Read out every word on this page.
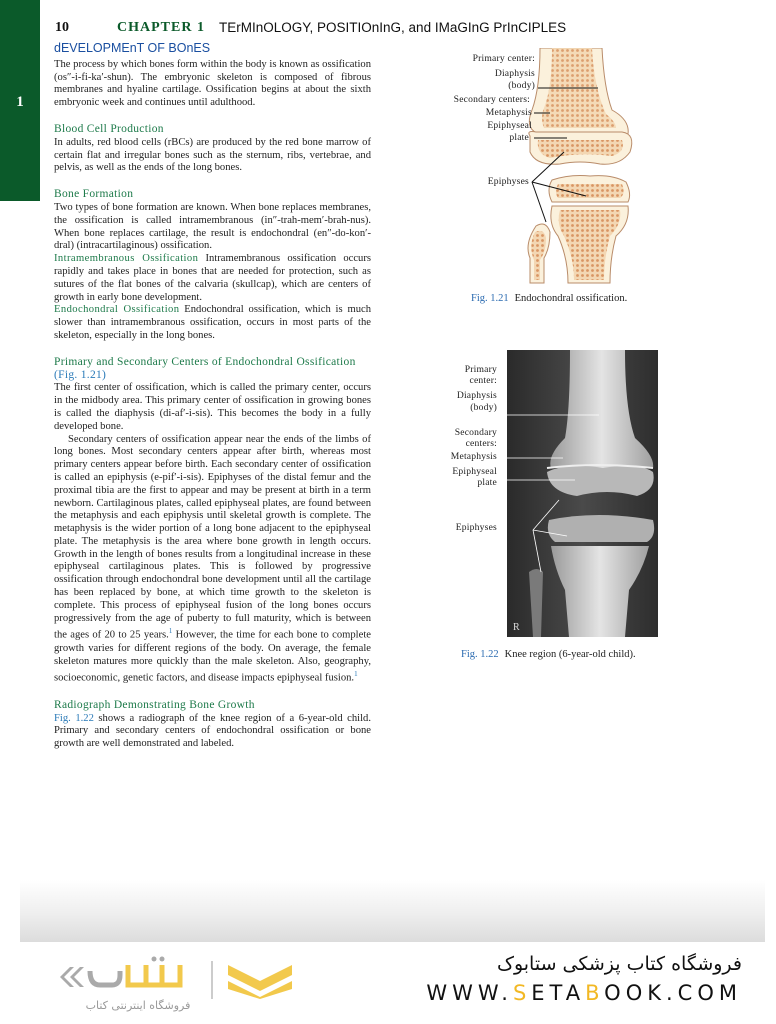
1
10	CHAPTER 1 TErMInOLOGY, POSITIOnInG, and IMaGInG PrInCIPLES
dEVELOPMEnT OF BOnES

The process by which bones form within the body is known as ossification (os″-i-fi-ka′-shun). The embryonic skeleton is composed of fibrous membranes and hyaline cartilage. Ossification begins at about the sixth embryonic week and continues until adulthood.

Blood Cell Production

In adults, red blood cells (rBCs) are produced by the red bone marrow of certain flat and irregular bones such as the sternum, ribs, vertebrae, and pelvis, as well as the ends of the long bones.

Bone Formation

Two types of bone formation are known. When bone replaces membranes, the ossification is called intramembranous (in″-trah-mem′-brah-nus). When bone replaces cartilage, the result is endochondral (en″-do-kon′-dral) (intracartilaginous) ossification.

Intramembranous Ossification Intramembranous ossification occurs rapidly and takes place in bones that are needed for protection, such as sutures of the flat bones of the calvaria (skullcap), which are centers of growth in early bone development.

Endochondral Ossification Endochondral ossification, which is much slower than intramembranous ossification, occurs in most parts of the skeleton, especially in the long bones.

Primary and Secondary Centers of Endochondral Ossification (Fig. 1.21)

The first center of ossification, which is called the primary center, occurs in the midbody area. This primary center of ossification in growing bones is called the diaphysis (di-af′-i-sis). This becomes the body in a fully developed bone.

Secondary centers of ossification appear near the ends of the limbs of long bones. Most secondary centers appear after birth, whereas most primary centers appear before birth. Each secondary center of ossification is called an epiphysis (e-pif′-i-sis). Epiphyses of the distal femur and the proximal tibia are the first to appear and may be present at birth in a term newborn. Cartilaginous plates, called epiphyseal plates, are found between the metaphysis and each epiphysis until skeletal growth is complete. The metaphysis is the wider portion of a long bone adjacent to the epiphyseal plate. The metaphysis is the area where bone growth in length occurs. Growth in the length of bones results from a longitudinal increase in these epiphyseal cartilaginous plates. This is followed by progressive ossification through endochondral bone development until all the cartilage has been replaced by bone, at which time growth to the skeleton is complete. This process of epiphyseal fusion of the long bones occurs progressively from the age of puberty to full maturity, which is between the ages of 20 to 25 years.$^1$ However, the time for each bone to complete growth varies for different regions of the body. On average, the female skeleton matures more quickly than the male skeleton. Also, geography, socioeconomic, genetic factors, and disease impacts epiphyseal fusion.$^1$

Radiograph Demonstrating Bone Growth

Fig. 1.22 shows a radiograph of the knee region of a 6-year-old child. Primary and secondary centers of endochondral ossification or bone growth are well demonstrated and labeled.

Primary center:
Diaphysis
(body)
Secondary centers:
Metaphysis
Epiphyseal
plate
Epiphyses
Fig. 1.21 Endochondral ossification.
R
Primary
center:
Diaphysis
(body)
Secondary
centers:
Metaphysis
Epiphyseal
plate
Epiphyses
Fig. 1.22 Knee region (6-year-old child).
فروشگاه اینترنتی کتاب
فروشگاه کتاب پزشکی ستابوک
WWW.SETABOOK.COM
